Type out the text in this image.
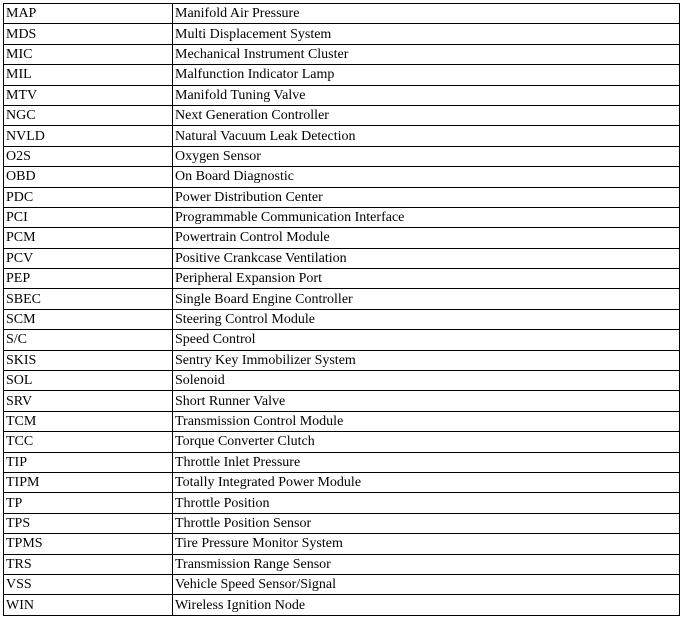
MAP	Manifold Air Pressure
MDS	Multi Displacement System
MIC	Mechanical Instrument Cluster
MIL	Malfunction Indicator Lamp
MTV	Manifold Tuning Valve
NGC	Next Generation Controller
NVLD	Natural Vacuum Leak Detection
O2S	Oxygen Sensor
OBD	On Board Diagnostic
PDC	Power Distribution Center
PCI	Programmable Communication Interface
PCM	Powertrain Control Module
PCV	Positive Crankcase Ventilation
PEP	Peripheral Expansion Port
SBEC	Single Board Engine Controller
SCM	Steering Control Module
S/C	Speed Control
SKIS	Sentry Key Immobilizer System
SOL	Solenoid
SRV	Short Runner Valve
TCM	Transmission Control Module
TCC	Torque Converter Clutch
TIP	Throttle Inlet Pressure
TIPM	Totally Integrated Power Module
TP	Throttle Position
TPS	Throttle Position Sensor
TPMS	Tire Pressure Monitor System
TRS	Transmission Range Sensor
VSS	Vehicle Speed Sensor/Signal
WIN	Wireless Ignition Node
